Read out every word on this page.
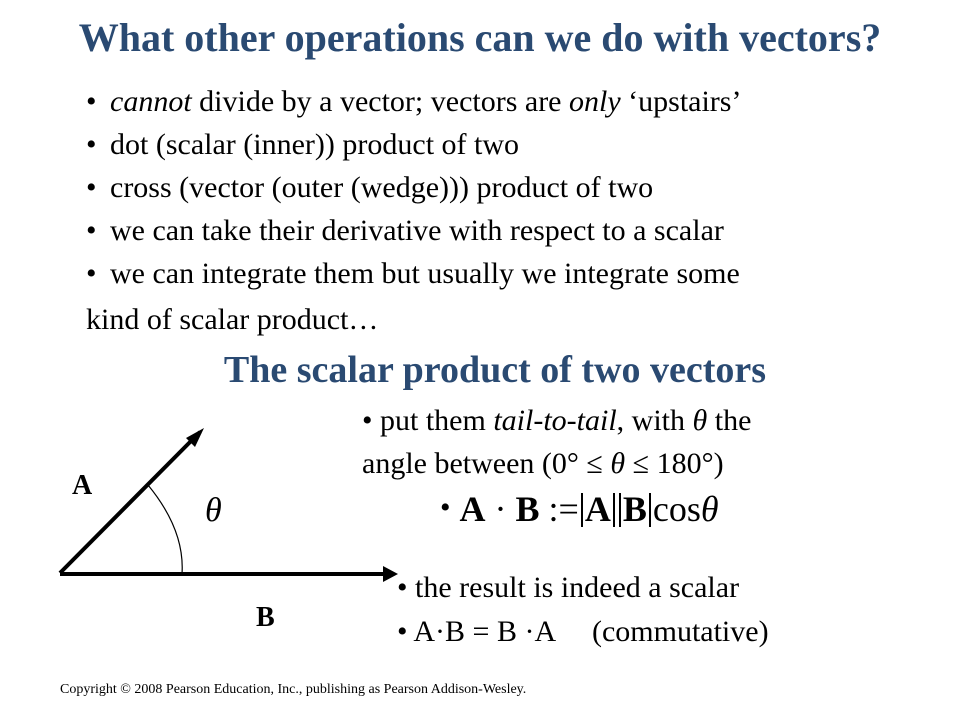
What other operations can we do with vectors?
• cannot divide by a vector; vectors are only ‘upstairs’
• dot (scalar (inner)) product of two
• cross (vector (outer (wedge))) product of two
• we can take their derivative with respect to a scalar
• we can integrate them but usually we integrate some
kind of scalar product…
The scalar product of two vectors
A
B
θ
• put them tail-to-tail, with θ the
angle between (0° ≤ θ ≤ 180°)
• A · B := A B cosθ
• the result is indeed a scalar
• A·B = B ·A     (commutative)
Copyright © 2008 Pearson Education, Inc., publishing as Pearson Addison-Wesley.
